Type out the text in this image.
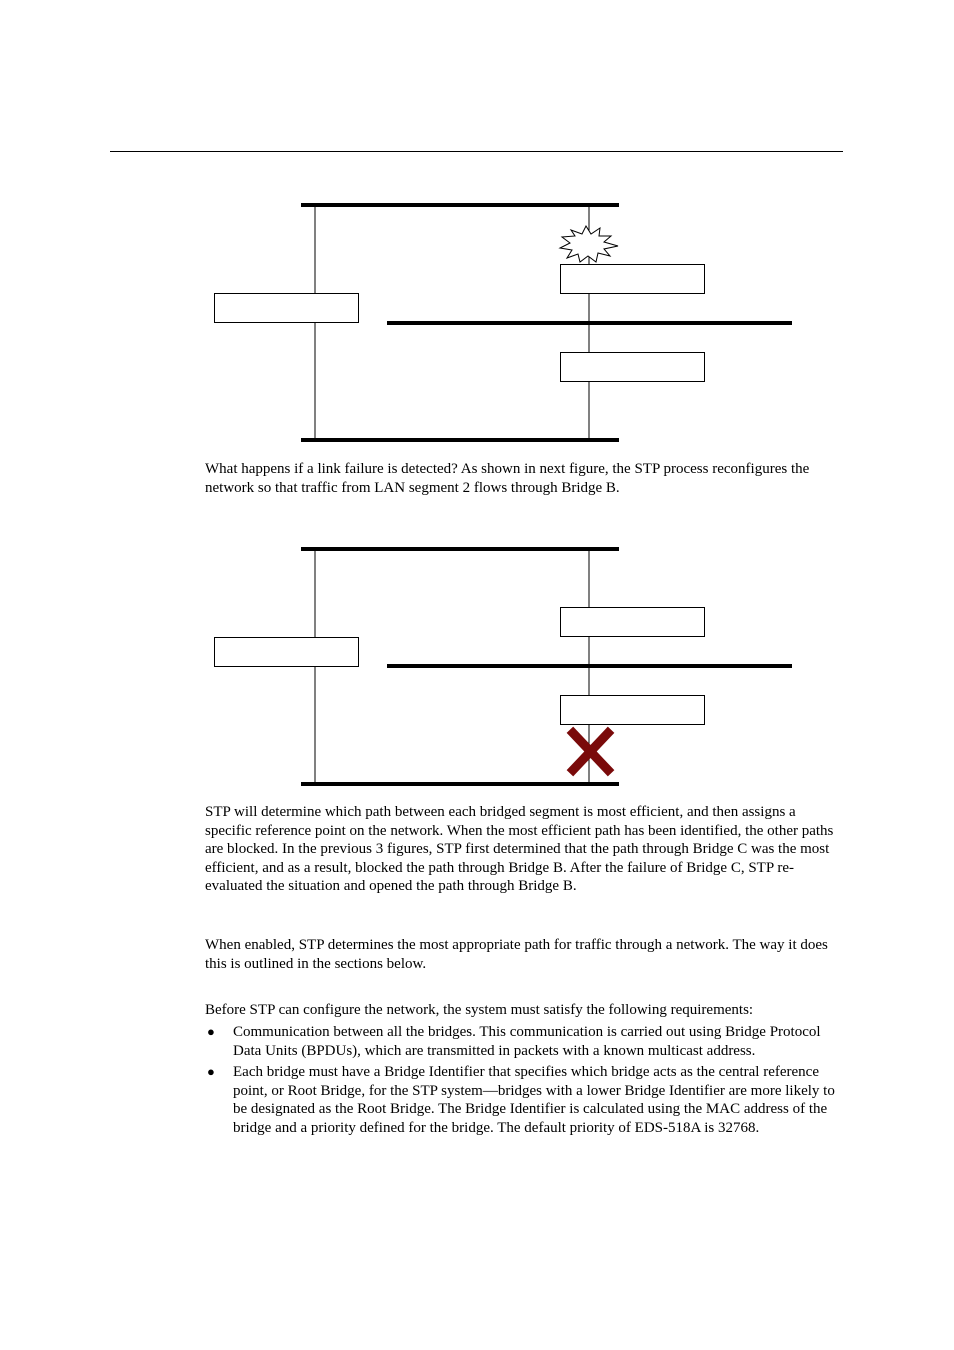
What happens if a link failure is detected? As shown in next figure, the STP process reconfigures the network so that traffic from LAN segment 2 flows through Bridge B.

STP will determine which path between each bridged segment is most efficient, and then assigns a specific reference point on the network. When the most efficient path has been identified, the other paths are blocked. In the previous 3 figures, STP first determined that the path through Bridge C was the most efficient, and as a result, blocked the path through Bridge B. After the failure of Bridge C, STP re-evaluated the situation and opened the path through Bridge B.

When enabled, STP determines the most appropriate path for traffic through a network. The way it does this is outlined in the sections below.

Before STP can configure the network, the system must satisfy the following requirements:

● Communication between all the bridges. This communication is carried out using Bridge Protocol Data Units (BPDUs), which are transmitted in packets with a known multicast address.
● Each bridge must have a Bridge Identifier that specifies which bridge acts as the central reference point, or Root Bridge, for the STP system—bridges with a lower Bridge Identifier are more likely to be designated as the Root Bridge. The Bridge Identifier is calculated using the MAC address of the bridge and a priority defined for the bridge. The default priority of EDS-518A is 32768.
